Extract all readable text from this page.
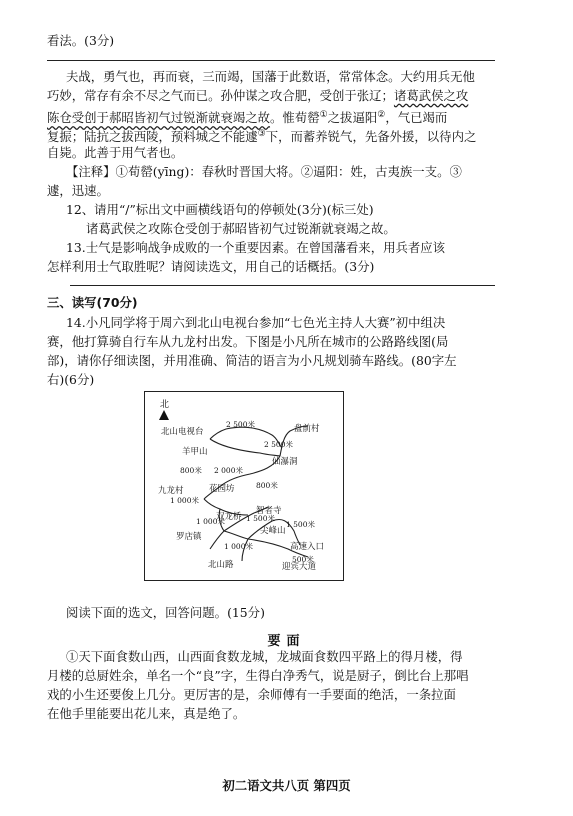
看法。(3分)
夫战，勇气也，再而衰，三而竭，国藩于此数语，常常体念。大约用兵无他
巧妙，常存有余不尽之气而已。孙仲谋之攻合肥，受创于张辽；诸葛武侯之攻
陈仓受创于郝昭皆初气过锐渐就衰竭之故。惟荀罃①之拔逼阳②，气已竭而
复振；陆抗之拔西陵，预料城之不能遽③下，而蓄养锐气，先备外援，以待内之
自毙。此善于用气者也。
【注释】①荀罃(yīng)：春秋时晋国大将。②逼阳：姓，古夷族一支。③
遽，迅速。
12、请用“/”标出文中画横线语句的停顿处(3分)(标三处)
诸葛武侯之攻陈仓受创于郝昭皆初气过锐渐就衰竭之故。
13.士气是影响战争成败的一个重要因素。在曾国藩看来，用兵者应该
怎样利用士气取胜呢？请阅读选文，用自己的话概括。(3分)
三、读写(70分)
14.小凡同学将于周六到北山电视台参加“七色光主持人大赛”初中组决
赛，他打算骑自行车从九龙村出发。下图是小凡所在城市的公路路线图(局
部)，请你仔细读图，并用准确、简洁的语言为小凡规划骑车路线。(80字左
右)(6分)
北
北山电视台	盘前村
羊甲山
仙瀑洞
九龙村	花园坊
双龙桥
智者寺
罗店镇
尖峰山
高速入口
北山路	迎宾大道
2 500米
2 500米
2 000米
800米
800米
1 000米
1 500米
1 000米	1 500米
1 000米
500米
阅读下面的选文，回答问题。(15分)
要面
①天下面食数山西，山西面食数龙城，龙城面食数四平路上的得月楼，得
月楼的总厨姓余，单名一个“良”字，生得白净秀气，说是厨子，倒比台上那唱
戏的小生还要俊上几分。更厉害的是，余师傅有一手要面的绝活，一条拉面
在他手里能要出花儿来，真是绝了。
初二语文共八页 第四页
